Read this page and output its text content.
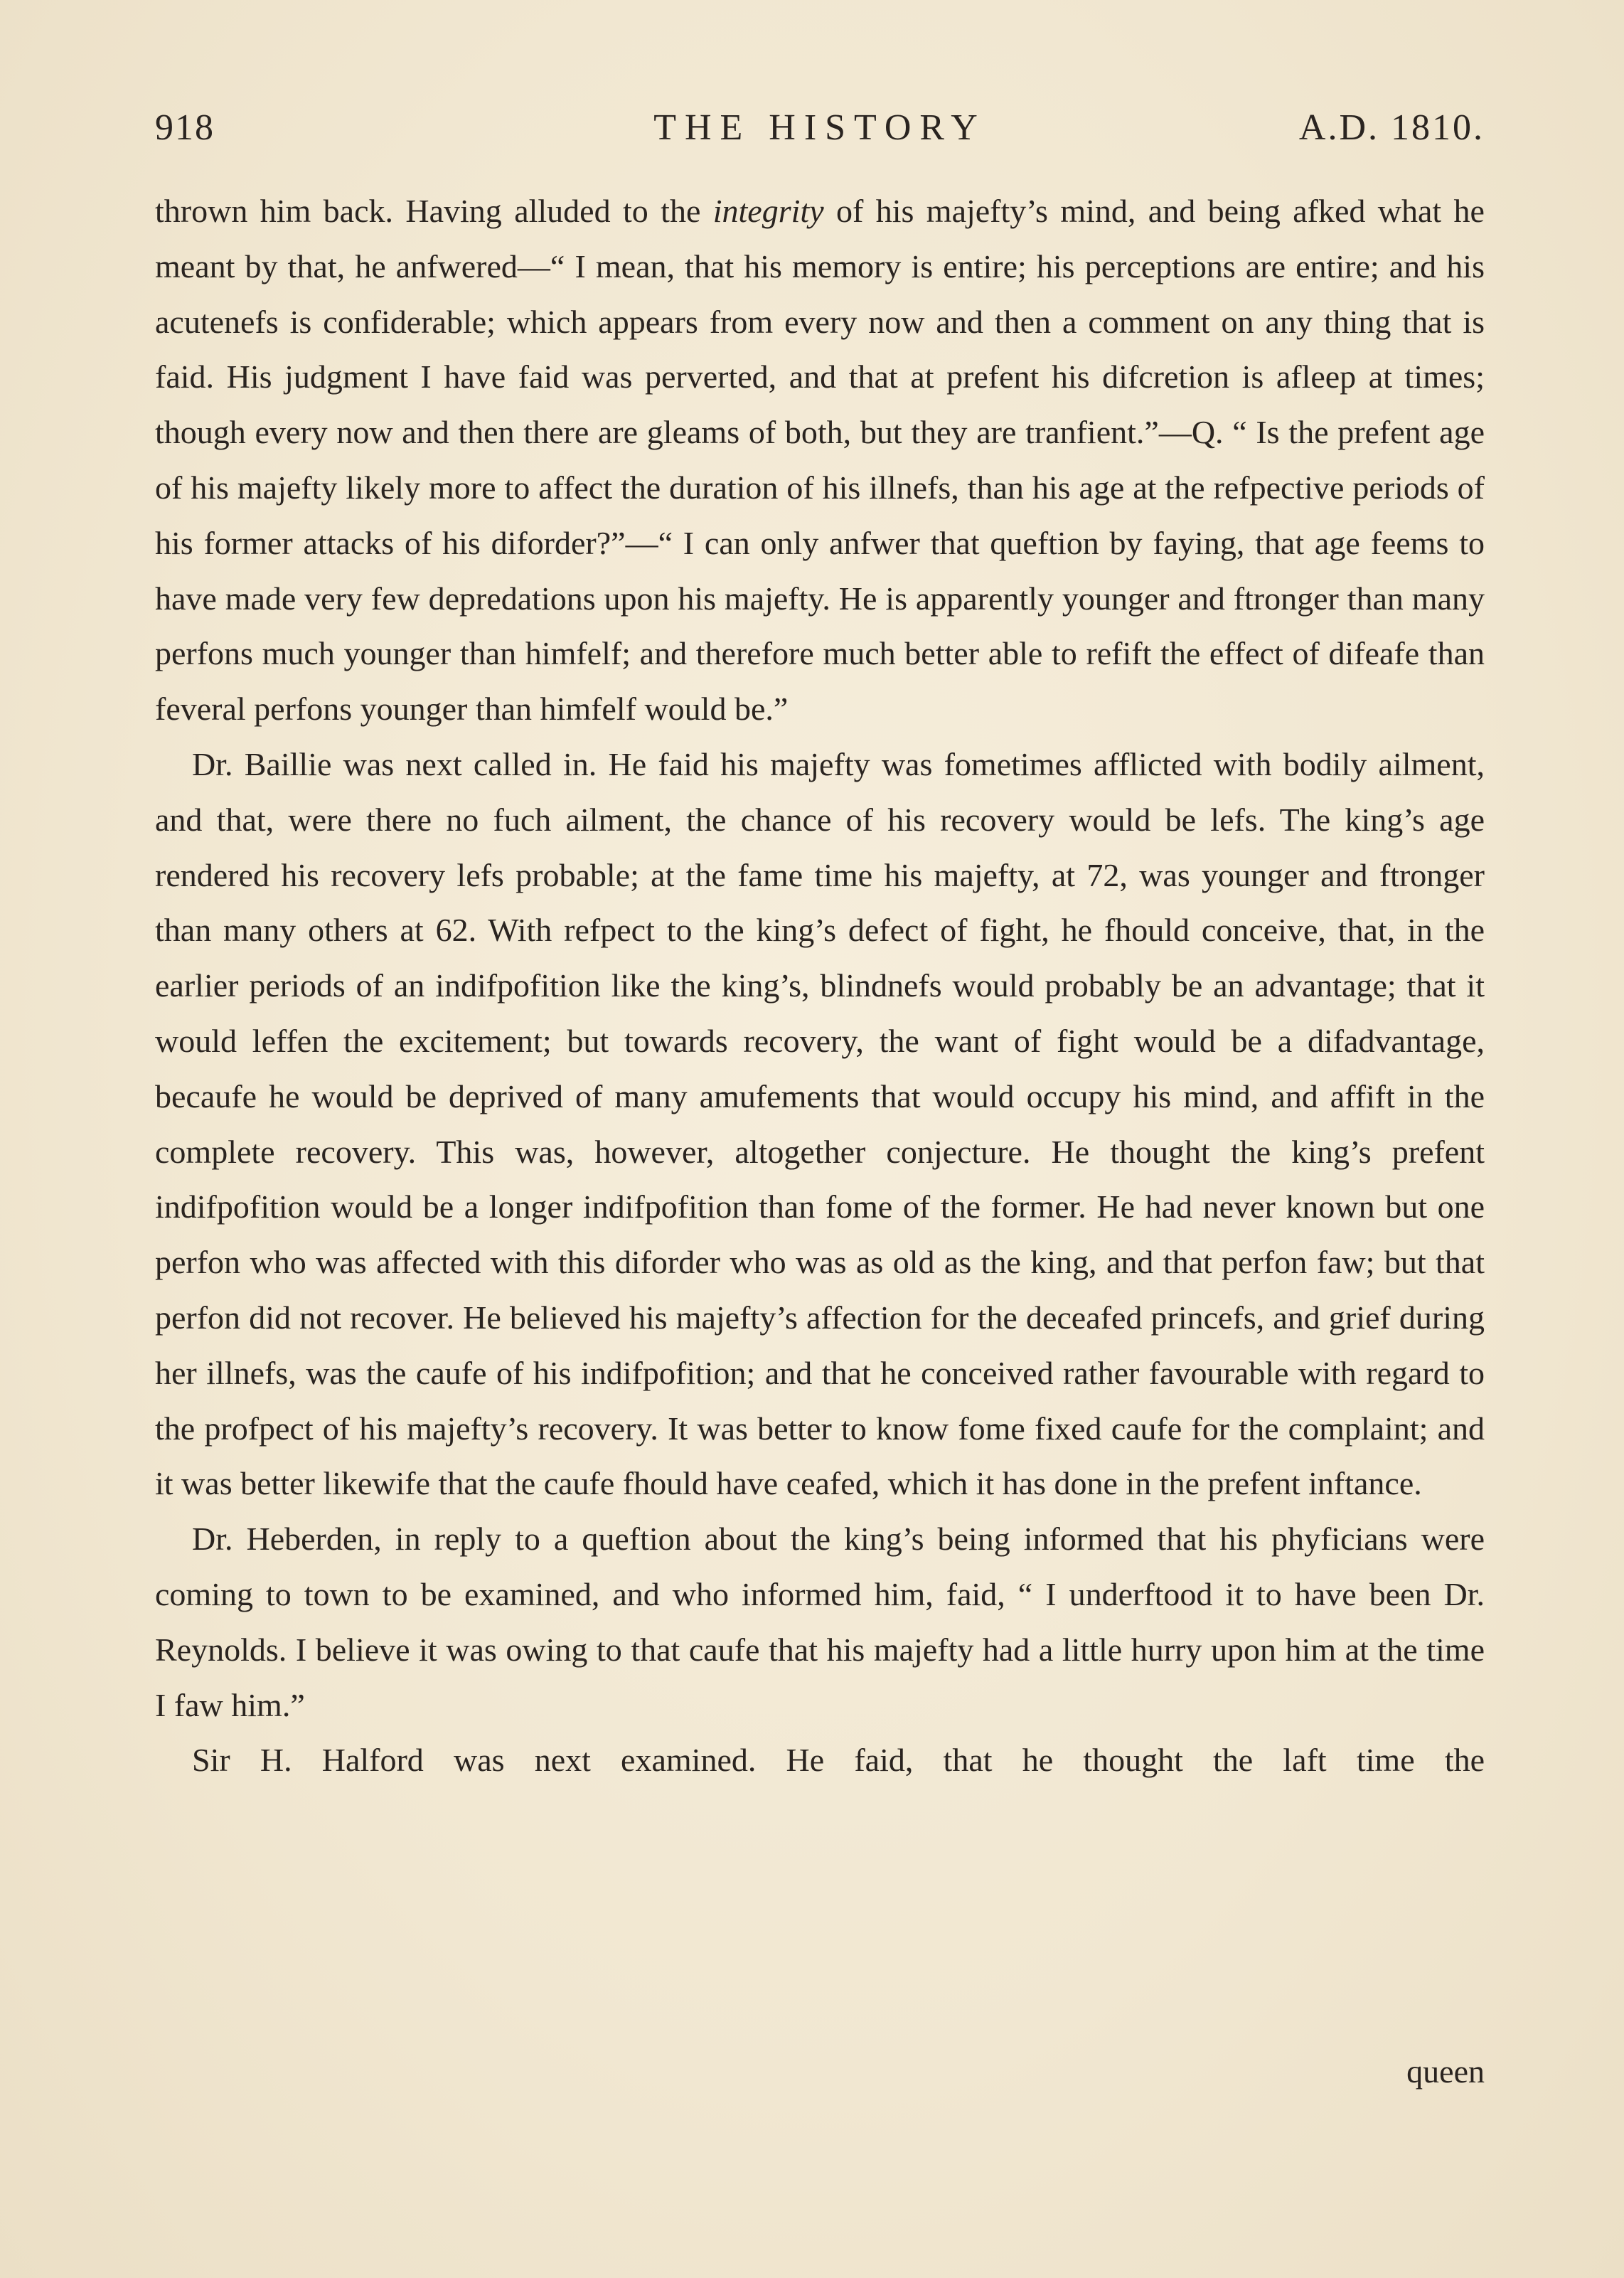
918	THE HISTORY	A.D. 1810.

thrown him back. Having alluded to the integrity of his majefty’s mind, and being afked what he meant by that, he anfwered—“ I mean, that his memory is entire; his perceptions are entire; and his acutenefs is confiderable; which appears from every now and then a comment on any thing that is faid. His judgment I have faid was perverted, and that at prefent his difcretion is afleep at times; though every now and then there are gleams of both, but they are tranfient.”—Q. “ Is the prefent age of his majefty likely more to affect the duration of his illnefs, than his age at the refpective periods of his former attacks of his diforder?”—“ I can only anfwer that queftion by faying, that age feems to have made very few depredations upon his majefty. He is apparently younger and ftronger than many perfons much younger than himfelf; and therefore much better able to refift the effect of difeafe than feveral perfons younger than himfelf would be.”

Dr. Baillie was next called in. He faid his majefty was fometimes afflicted with bodily ailment, and that, were there no fuch ailment, the chance of his recovery would be lefs. The king’s age rendered his recovery lefs probable; at the fame time his majefty, at 72, was younger and ftronger than many others at 62. With refpect to the king’s defect of fight, he fhould conceive, that, in the earlier periods of an indifpofition like the king’s, blindnefs would probably be an advantage; that it would leffen the excitement; but towards recovery, the want of fight would be a difadvantage, becaufe he would be deprived of many amufements that would occupy his mind, and affift in the complete recovery. This was, however, altogether conjecture. He thought the king’s prefent indifpofition would be a longer indifpofition than fome of the former. He had never known but one perfon who was affected with this diforder who was as old as the king, and that perfon faw; but that perfon did not recover. He believed his majefty’s affection for the deceafed princefs, and grief during her illnefs, was the caufe of his indifpofition; and that he conceived rather favourable with regard to the profpect of his majefty’s recovery. It was better to know fome fixed caufe for the complaint; and it was better likewife that the caufe fhould have ceafed, which it has done in the prefent inftance.

Dr. Heberden, in reply to a queftion about the king’s being informed that his phyficians were coming to town to be examined, and who informed him, faid, “ I underftood it to have been Dr. Reynolds. I believe it was owing to that caufe that his majefty had a little hurry upon him at the time I faw him.”

Sir H. Halford was next examined. He faid, that he thought the laft time the

queen
